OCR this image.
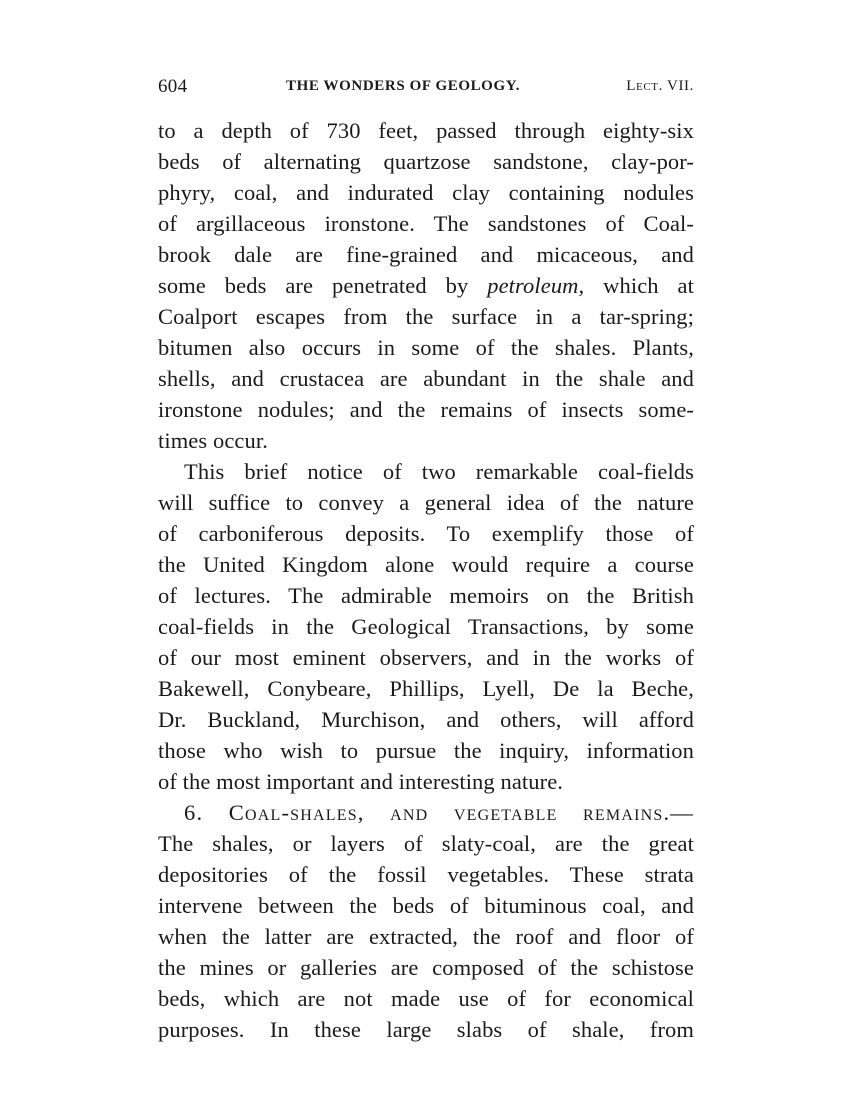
604	THE WONDERS OF GEOLOGY.	Lect. VII.
to a depth of 730 feet, passed through eighty-six
beds of alternating quartzose sandstone, clay-por-
phyry, coal, and indurated clay containing nodules
of argillaceous ironstone. The sandstones of Coal-
brook dale are fine-grained and micaceous, and
some beds are penetrated by petroleum, which at
Coalport escapes from the surface in a tar-spring;
bitumen also occurs in some of the shales. Plants,
shells, and crustacea are abundant in the shale and
ironstone nodules; and the remains of insects some-
times occur.
This brief notice of two remarkable coal-fields
will suffice to convey a general idea of the nature
of carboniferous deposits. To exemplify those of
the United Kingdom alone would require a course
of lectures. The admirable memoirs on the British
coal-fields in the Geological Transactions, by some
of our most eminent observers, and in the works of
Bakewell, Conybeare, Phillips, Lyell, De la Beche,
Dr. Buckland, Murchison, and others, will afford
those who wish to pursue the inquiry, information
of the most important and interesting nature.
6. Coal-shales, and vegetable remains.—
The shales, or layers of slaty-coal, are the great
depositories of the fossil vegetables. These strata
intervene between the beds of bituminous coal, and
when the latter are extracted, the roof and floor of
the mines or galleries are composed of the schistose
beds, which are not made use of for economical
purposes. In these large slabs of shale, from
